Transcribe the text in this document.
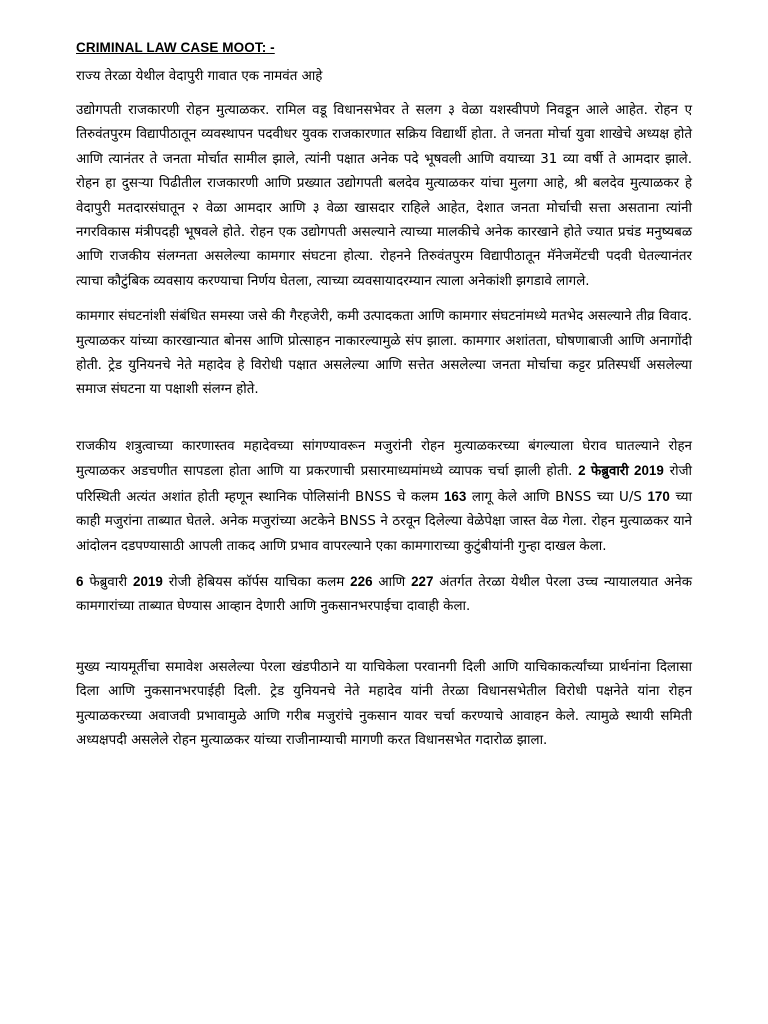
CRIMINAL LAW CASE MOOT: -
राज्य तेरळा येथील वेदापुरी गावात एक नामवंत आहे

उद्योगपती राजकारणी रोहन मुत्याळकर. रामिल वडू विधानसभेवर ते सलग ३ वेळा यशस्वीपणे निवडून आले आहेत. रोहन ए तिरुवंतपुरम विद्यापीठातून व्यवस्थापन पदवीधर युवक राजकारणात सक्रिय विद्यार्थी होता. ते जनता मोर्चा युवा शाखेचे अध्यक्ष होते आणि त्यानंतर ते जनता मोर्चात सामील झाले, त्यांनी पक्षात अनेक पदे भूषवली आणि वयाच्या 31 व्या वर्षी ते आमदार झाले. रोहन हा दुसऱ्या पिढीतील राजकारणी आणि प्रख्यात उद्योगपती बलदेव मुत्याळकर यांचा मुलगा आहे, श्री बलदेव मुत्याळकर हे वेदापुरी मतदारसंघातून २ वेळा आमदार आणि ३ वेळा खासदार राहिले आहेत, देशात जनता मोर्चाची सत्ता असताना त्यांनी नगरविकास मंत्रीपदही भूषवले होते. रोहन एक उद्योगपती असल्याने त्याच्या मालकीचे अनेक कारखाने होते ज्यात प्रचंड मनुष्यबळ आणि राजकीय संलग्नता असलेल्या कामगार संघटना होत्या. रोहनने तिरुवंतपुरम विद्यापीठातून मॅनेजमेंटची पदवी घेतल्यानंतर त्याचा कौटुंबिक व्यवसाय करण्याचा निर्णय घेतला, त्याच्या व्यवसायादरम्यान त्याला अनेकांशी झगडावे लागले.

कामगार संघटनांशी संबंधित समस्या जसे की गैरहजेरी, कमी उत्पादकता आणि कामगार संघटनांमध्ये मतभेद असल्याने तीव्र विवाद. मुत्याळकर यांच्या कारखान्यात बोनस आणि प्रोत्साहन नाकारल्यामुळे संप झाला. कामगार अशांतता, घोषणाबाजी आणि अनागोंदी होती. ट्रेड युनियनचे नेते महादेव हे विरोधी पक्षात असलेल्या आणि सत्तेत असलेल्या जनता मोर्चाचा कट्टर प्रतिस्पर्धी असलेल्या समाज संघटना या पक्षाशी संलग्न होते.

राजकीय शत्रुत्वाच्या कारणास्तव महादेवच्या सांगण्यावरून मजुरांनी रोहन मुत्याळकरच्या बंगल्याला घेराव घातल्याने रोहन मुत्याळकर अडचणीत सापडला होता आणि या प्रकरणाची प्रसारमाध्यमांमध्ये व्यापक चर्चा झाली होती. 2 फेब्रुवारी 2019 रोजी परिस्थिती अत्यंत अशांत होती म्हणून स्थानिक पोलिसांनी BNSS चे कलम 163 लागू केले आणि BNSS च्या U/S 170 च्या काही मजुरांना ताब्यात घेतले. अनेक मजुरांच्या अटकेने BNSS ने ठरवून दिलेल्या वेळेपेक्षा जास्त वेळ गेला. रोहन मुत्याळकर याने आंदोलन दडपण्यासाठी आपली ताकद आणि प्रभाव वापरल्याने एका कामगाराच्या कुटुंबीयांनी गुन्हा दाखल केला.

6 फेब्रुवारी 2019 रोजी हेबियस कॉर्पस याचिका कलम 226 आणि 227 अंतर्गत तेरळा येथील पेरला उच्च न्यायालयात अनेक कामगारांच्या ताब्यात घेण्यास आव्हान देणारी आणि नुकसानभरपाईचा दावाही केला.

मुख्य न्यायमूर्तीचा समावेश असलेल्या पेरला खंडपीठाने या याचिकेला परवानगी दिली आणि याचिकाकर्त्यांच्या प्रार्थनांना दिलासा दिला आणि नुकसानभरपाईही दिली. ट्रेड युनियनचे नेते महादेव यांनी तेरळा विधानसभेतील विरोधी पक्षनेते यांना रोहन मुत्याळकरच्या अवाजवी प्रभावामुळे आणि गरीब मजुरांचे नुकसान यावर चर्चा करण्याचे आवाहन केले. त्यामुळे स्थायी समिती अध्यक्षपदी असलेले रोहन मुत्याळकर यांच्या राजीनाम्याची मागणी करत विधानसभेत गदारोळ झाला.
